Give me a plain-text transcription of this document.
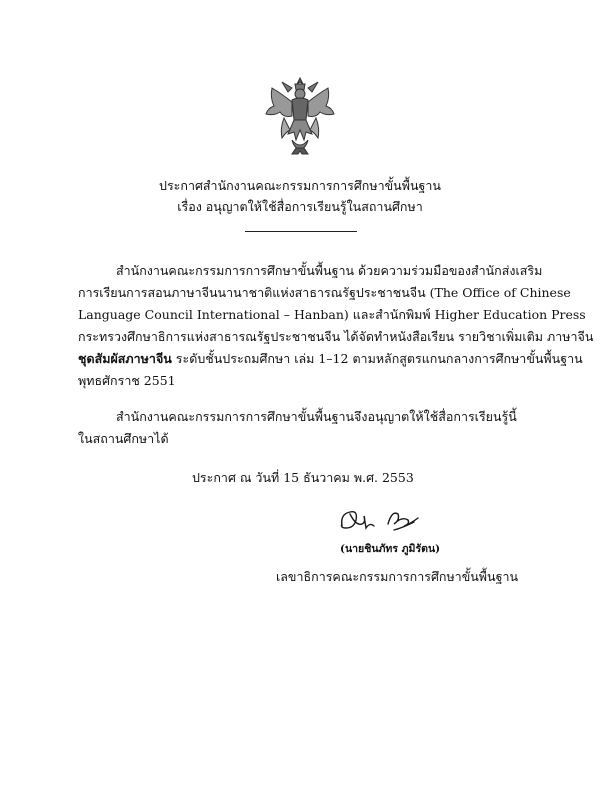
ประกาศสำนักงานคณะกรรมการการศึกษาขั้นพื้นฐาน
เรื่อง อนุญาตให้ใช้สื่อการเรียนรู้ในสถานศึกษา
สำนักงานคณะกรรมการการศึกษาขั้นพื้นฐาน ด้วยความร่วมมือของสำนักส่งเสริม
การเรียนการสอนภาษาจีนนานาชาติแห่งสาธารณรัฐประชาชนจีน (The Office of Chinese
Language Council International – Hanban) และสำนักพิมพ์ Higher Education Press
กระทรวงศึกษาธิการแห่งสาธารณรัฐประชาชนจีน ได้จัดทำหนังสือเรียน รายวิชาเพิ่มเติม ภาษาจีน
ชุดสัมผัสภาษาจีน ระดับชั้นประถมศึกษา เล่ม 1–12 ตามหลักสูตรแกนกลางการศึกษาขั้นพื้นฐาน
พุทธศักราช 2551
สำนักงานคณะกรรมการการศึกษาขั้นพื้นฐานจึงอนุญาตให้ใช้สื่อการเรียนรู้นี้
ในสถานศึกษาได้
ประกาศ ณ วันที่ 15 ธันวาคม พ.ศ. 2553
(นายชินภัทร ภูมิรัตน)
เลขาธิการคณะกรรมการการศึกษาขั้นพื้นฐาน
